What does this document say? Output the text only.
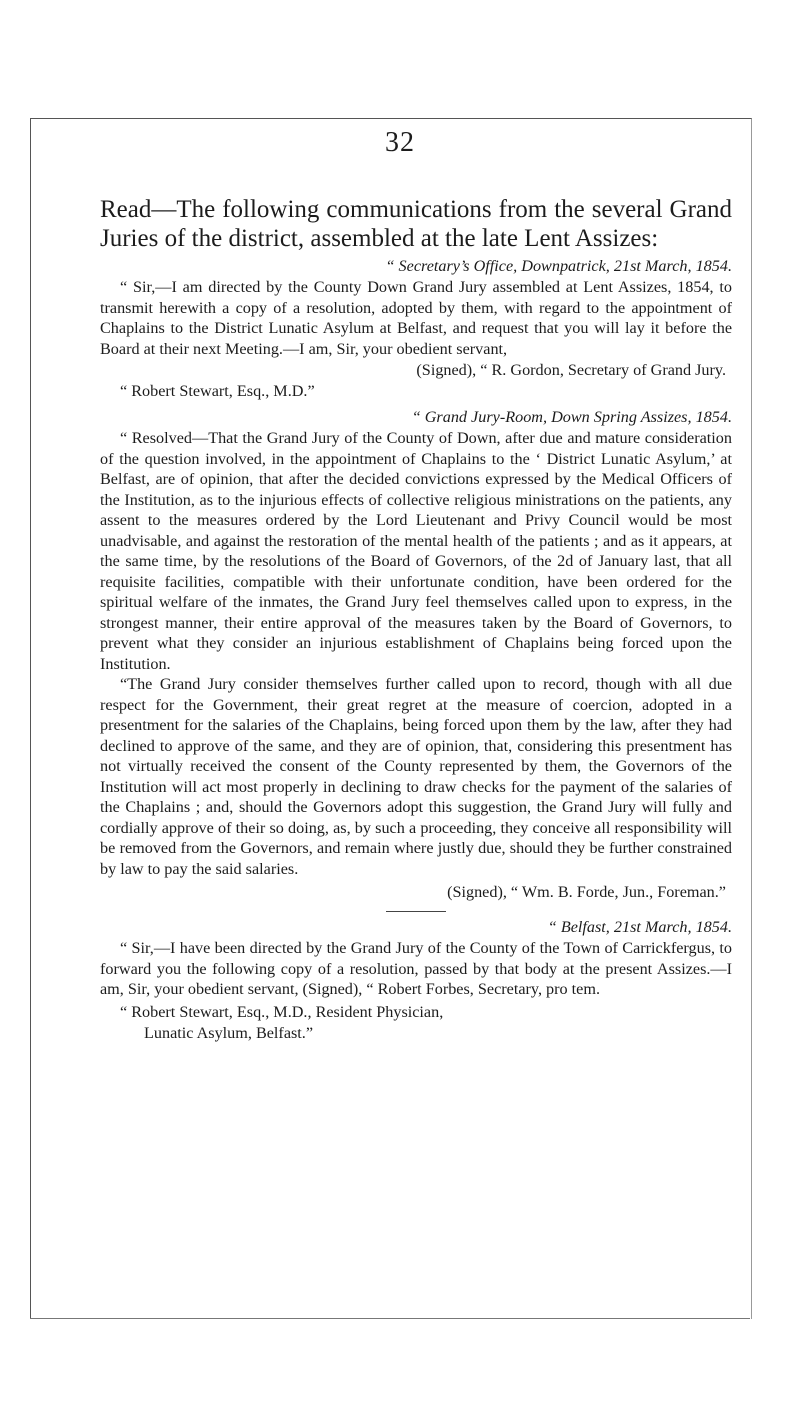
32

Read—The following communications from the several Grand Juries of the district, assembled at the late Lent Assizes:

“ Secretary’s Office, Downpatrick, 21st March, 1854.

“ Sir,—I am directed by the County Down Grand Jury assembled at Lent Assizes, 1854, to transmit herewith a copy of a resolution, adopted by them, with regard to the appointment of Chaplains to the District Lunatic Asylum at Belfast, and request that you will lay it before the Board at their next Meeting.—I am, Sir, your obedient servant,

(Signed), “ R. Gordon, Secretary of Grand Jury.

“ Robert Stewart, Esq., M.D.”

“ Grand Jury-Room, Down Spring Assizes, 1854.

“ Resolved—That the Grand Jury of the County of Down, after due and mature consideration of the question involved, in the appointment of Chaplains to the ‘ District Lunatic Asylum,’ at Belfast, are of opinion, that after the decided convictions expressed by the Medical Officers of the Institution, as to the injurious effects of collective religious ministrations on the patients, any assent to the measures ordered by the Lord Lieutenant and Privy Council would be most unadvisable, and against the restoration of the mental health of the patients ; and as it appears, at the same time, by the resolutions of the Board of Governors, of the 2d of January last, that all requisite facilities, compatible with their unfortunate condition, have been ordered for the spiritual welfare of the inmates, the Grand Jury feel themselves called upon to express, in the strongest manner, their entire approval of the measures taken by the Board of Governors, to prevent what they consider an injurious establishment of Chaplains being forced upon the Institution.

“The Grand Jury consider themselves further called upon to record, though with all due respect for the Government, their great regret at the measure of coercion, adopted in a presentment for the salaries of the Chaplains, being forced upon them by the law, after they had declined to approve of the same, and they are of opinion, that, considering this presentment has not virtually received the consent of the County represented by them, the Governors of the Institution will act most properly in declining to draw checks for the payment of the salaries of the Chaplains ; and, should the Governors adopt this suggestion, the Grand Jury will fully and cordially approve of their so doing, as, by such a proceeding, they conceive all responsibility will be removed from the Governors, and remain where justly due, should they be further constrained by law to pay the said salaries.

(Signed), “ Wm. B. Forde, Jun., Foreman.”

“ Belfast, 21st March, 1854.

“ Sir,—I have been directed by the Grand Jury of the County of the Town of Carrickfergus, to forward you the following copy of a resolution, passed by that body at the present Assizes.—I am, Sir, your obedient servant, (Signed), “ Robert Forbes, Secretary, pro tem.

“ Robert Stewart, Esq., M.D., Resident Physician,

Lunatic Asylum, Belfast.”
